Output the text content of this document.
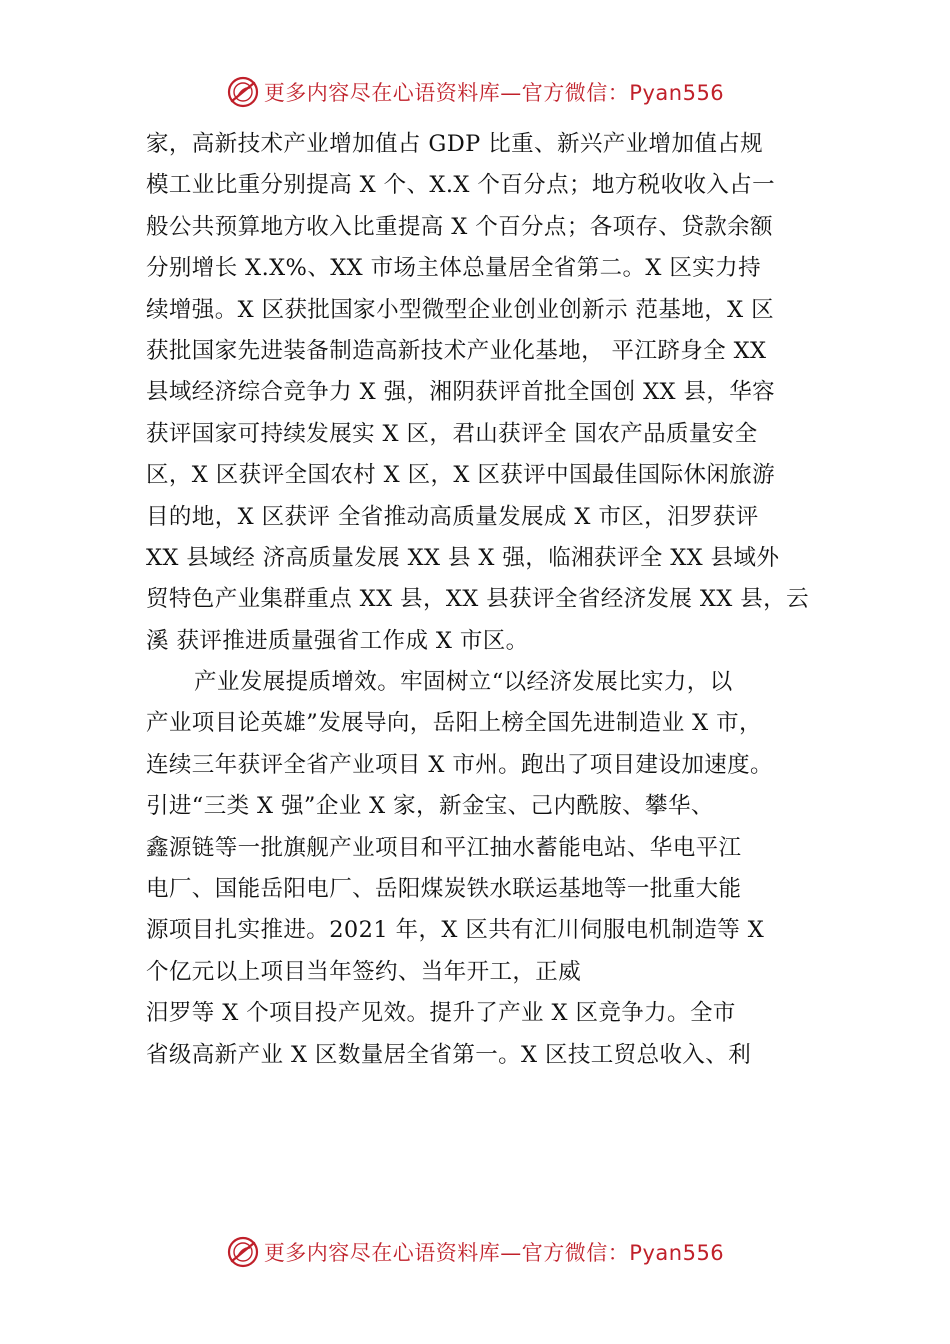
更多内容尽在心语资料库—官方微信：Pyan556
家，高新技术产业增加值占 GDP 比重、新兴产业增加值占规
模工业比重分别提高 X 个、X.X 个百分点；地方税收收入占一
般公共预算地方收入比重提高 X 个百分点；各项存、贷款余额
分别增长 X.X%、XX 市场主体总量居全省第二。X 区实力持
续增强。X 区获批国家小型微型企业创业创新示 范基地，X 区
获批国家先进装备制造高新技术产业化基地， 平江跻身全 XX
县域经济综合竞争力 X 强，湘阴获评首批全国创 XX 县，华容
获评国家可持续发展实 X 区，君山获评全 国农产品质量安全
区，X 区获评全国农村 X 区，X 区获评中国最佳国际休闲旅游
目的地，X 区获评 全省推动高质量发展成 X 市区，汨罗获评
XX 县域经 济高质量发展 XX 县 X 强，临湘获评全 XX 县域外
贸特色产业集群重点 XX 县，XX 县获评全省经济发展 XX 县，云
溪 获评推进质量强省工作成 X 市区。
产业发展提质增效。牢固树立“以经济发展比实力，以
产业项目论英雄”发展导向，岳阳上榜全国先进制造业 X 市，
连续三年获评全省产业项目 X 市州。跑出了项目建设加速度。
引进“三类 X 强”企业 X 家，新金宝、己内酰胺、攀华、
鑫源链等一批旗舰产业项目和平江抽水蓄能电站、华电平江
电厂、国能岳阳电厂、岳阳煤炭铁水联运基地等一批重大能
源项目扎实推进。2021 年，X 区共有汇川伺服电机制造等 X
个亿元以上项目当年签约、当年开工，正威
汨罗等 X 个项目投产见效。提升了产业 X 区竞争力。全市
省级高新产业 X 区数量居全省第一。X 区技工贸总收入、利
更多内容尽在心语资料库—官方微信：Pyan556
